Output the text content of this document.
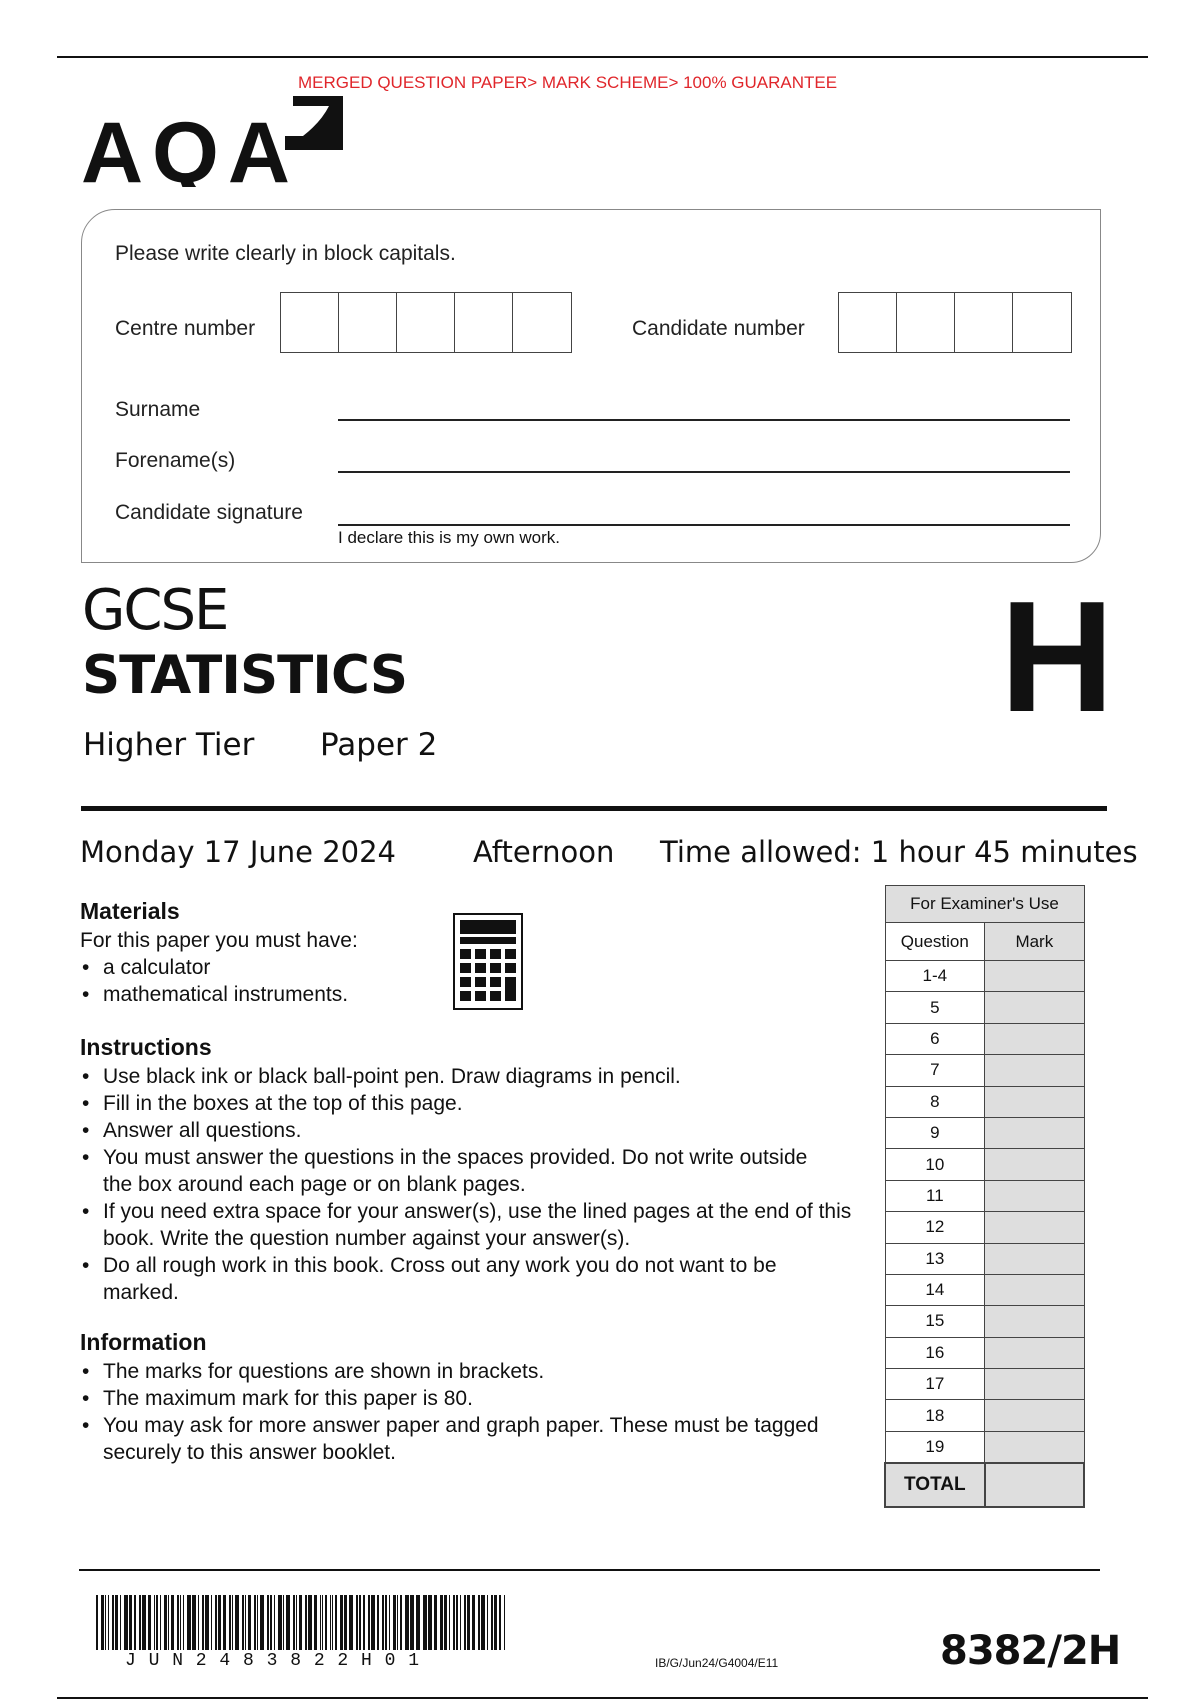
MERGED QUESTION PAPER> MARK SCHEME> 100% GUARANTEE
AQA
Please write clearly in block capitals.
Centre number	Candidate number
Surname
Forename(s)
Candidate signature
I declare this is my own work.
GCSE
STATISTICS
Higher Tier Paper 2	H
Monday 17 June 2024	Afternoon Time allowed: 1 hour 45 minutes
Materials

For this paper you must have:

• a calculator
• mathematical instruments.
Instructions
• Use black ink or black ball-point pen. Draw diagrams in pencil.
• Fill in the boxes at the top of this page.
• Answer all questions.
• You must answer the questions in the spaces provided. Do not write outside the box around each page or on blank pages.
• If you need extra space for your answer(s), use the lined pages at the end of this book. Write the question number against your answer(s).
• Do all rough work in this book. Cross out any work you do not want to be marked.
Information
• The marks for questions are shown in brackets.
• The maximum mark for this paper is 80.
• You may ask for more answer paper and graph paper. These must be tagged securely to this answer booklet.
For Examiner's Use	
Question	Mark
1-4	
5	
6	
7	
8	
9	
10	
11	
12	
13	
14	
15	
16	
17	
18	
19	
TOTAL	
J U N 2 4 8 3 8 2 2 H 0 1	IB/G/Jun24/G4004/E11	8382/2H
